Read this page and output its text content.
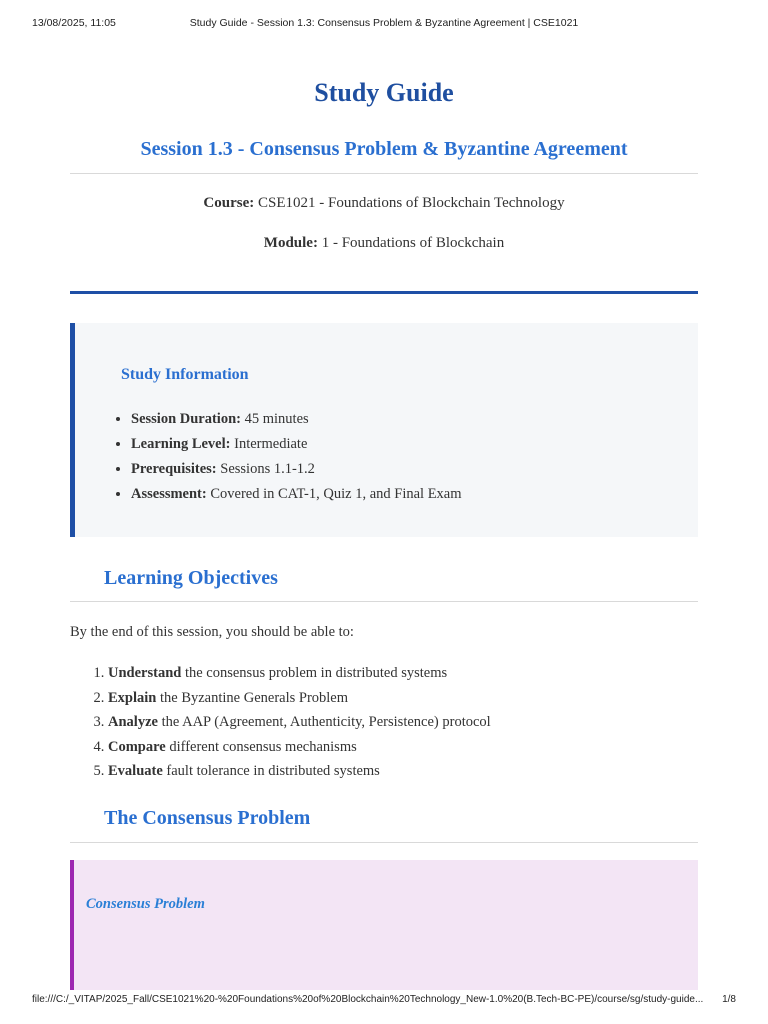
13/08/2025, 11:05	Study Guide - Session 1.3: Consensus Problem & Byzantine Agreement | CSE1021
Study Guide
Session 1.3 - Consensus Problem & Byzantine Agreement
Course: CSE1021 - Foundations of Blockchain Technology
Module: 1 - Foundations of Blockchain
Study Information
• Session Duration: 45 minutes
• Learning Level: Intermediate
• Prerequisites: Sessions 1.1-1.2
• Assessment: Covered in CAT-1, Quiz 1, and Final Exam
Learning Objectives
By the end of this session, you should be able to:
1. Understand the consensus problem in distributed systems
2. Explain the Byzantine Generals Problem
3. Analyze the AAP (Agreement, Authenticity, Persistence) protocol
4. Compare different consensus mechanisms
5. Evaluate fault tolerance in distributed systems
The Consensus Problem
Consensus Problem
file:///C:/_VITAP/2025_Fall/CSE1021%20-%20Foundations%20of%20Blockchain%20Technology_New-1.0%20(B.Tech-BC-PE)/course/sg/study-guide...	1/8
